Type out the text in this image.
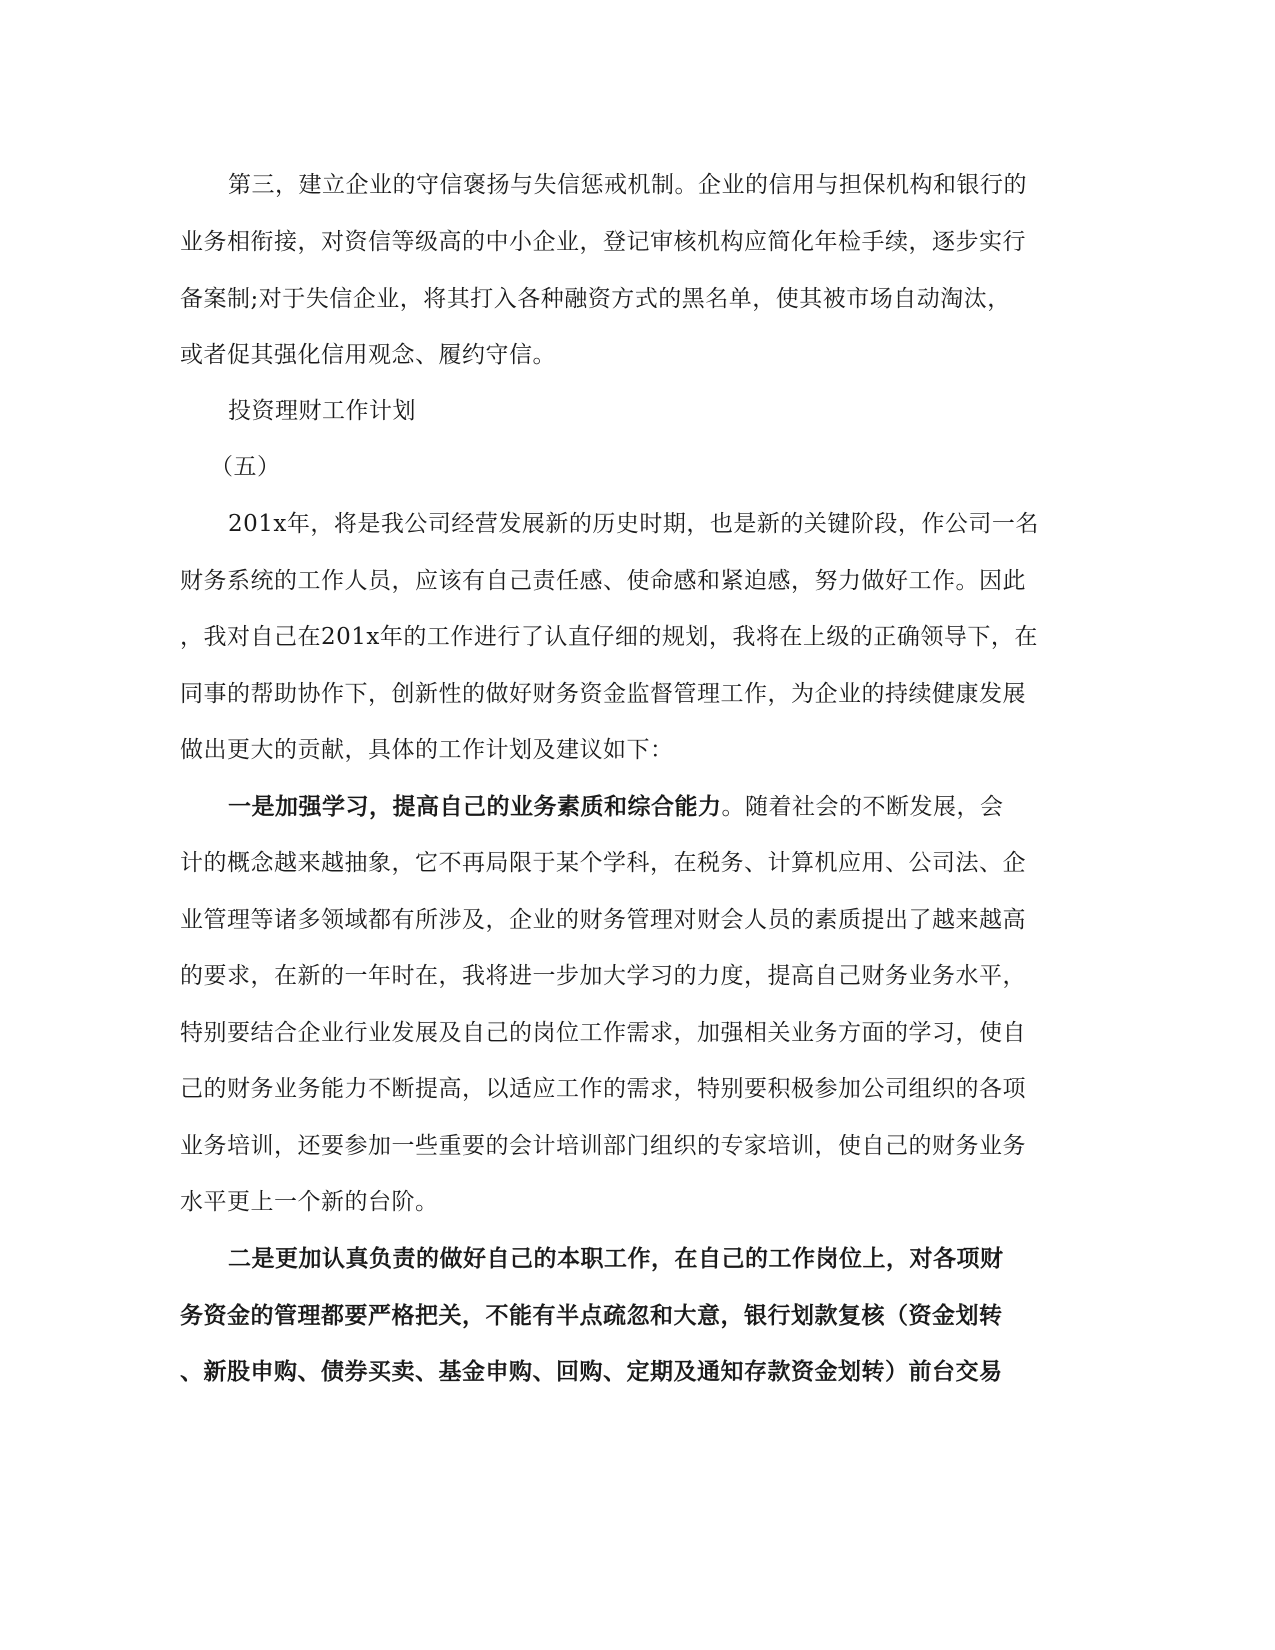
第三，建立企业的守信褒扬与失信惩戒机制。企业的信用与担保机构和银行的
业务相衔接，对资信等级高的中小企业，登记审核机构应简化年检手续，逐步实行
备案制;对于失信企业，将其打入各种融资方式的黑名单，使其被市场自动淘汰，
或者促其强化信用观念、履约守信。
投资理财工作计划
（五）
201x年，将是我公司经营发展新的历史时期，也是新的关键阶段，作公司一名
财务系统的工作人员，应该有自己责任感、使命感和紧迫感，努力做好工作。因此
，我对自己在201x年的工作进行了认直仔细的规划，我将在上级的正确领导下，在
同事的帮助协作下，创新性的做好财务资金监督管理工作，为企业的持续健康发展
做出更大的贡献，具体的工作计划及建议如下：
一是加强学习，提高自己的业务素质和综合能力。随着社会的不断发展，会
计的概念越来越抽象，它不再局限于某个学科，在税务、计算机应用、公司法、企
业管理等诸多领域都有所涉及，企业的财务管理对财会人员的素质提出了越来越高
的要求，在新的一年时在，我将进一步加大学习的力度，提高自己财务业务水平，
特别要结合企业行业发展及自己的岗位工作需求，加强相关业务方面的学习，使自
己的财务业务能力不断提高，以适应工作的需求，特别要积极参加公司组织的各项
业务培训，还要参加一些重要的会计培训部门组织的专家培训，使自己的财务业务
水平更上一个新的台阶。
二是更加认真负责的做好自己的本职工作，在自己的工作岗位上，对各项财
务资金的管理都要严格把关，不能有半点疏忽和大意，银行划款复核（资金划转
、新股申购、债券买卖、基金申购、回购、定期及通知存款资金划转）前台交易
